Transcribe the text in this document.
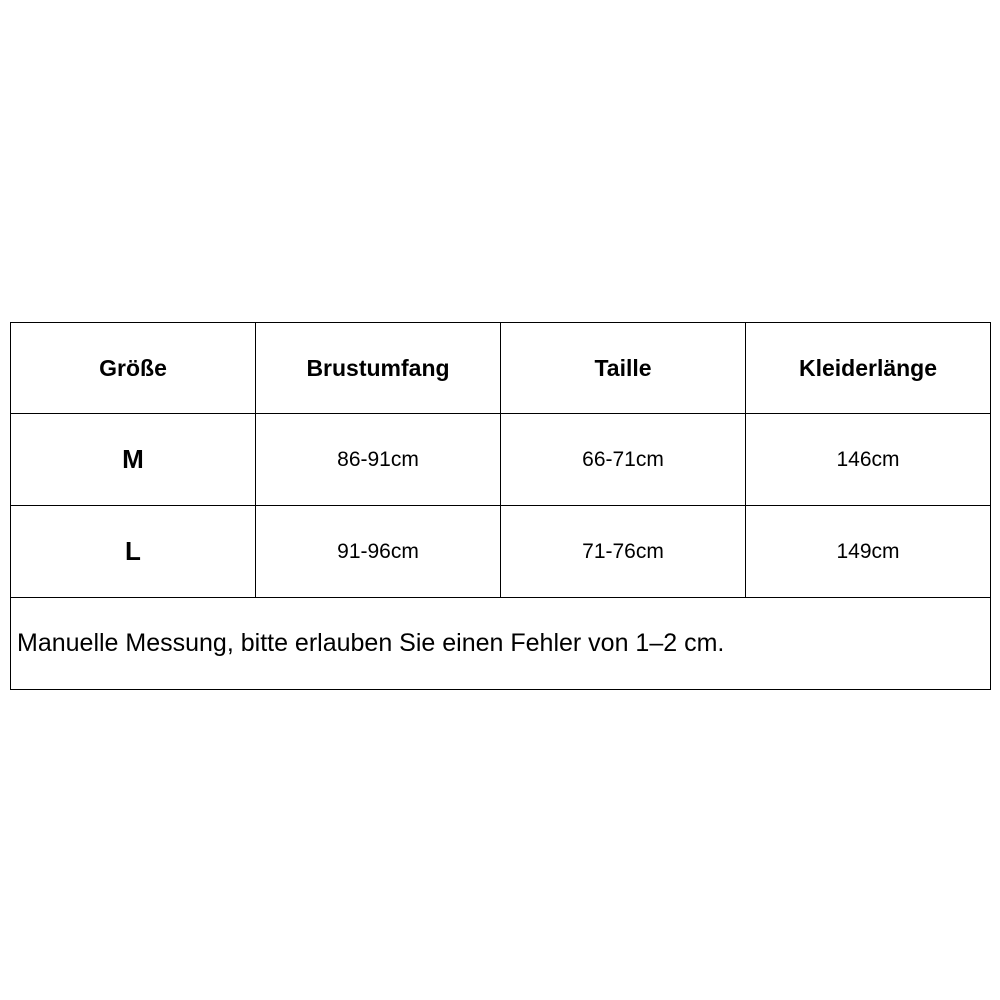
Größe	Brustumfang	Taille	Kleiderlänge
M	86-91cm	66-71cm	146cm
L	91-96cm	71-76cm	149cm
Manuelle Messung, bitte erlauben Sie einen Fehler von 1–2 cm.			
